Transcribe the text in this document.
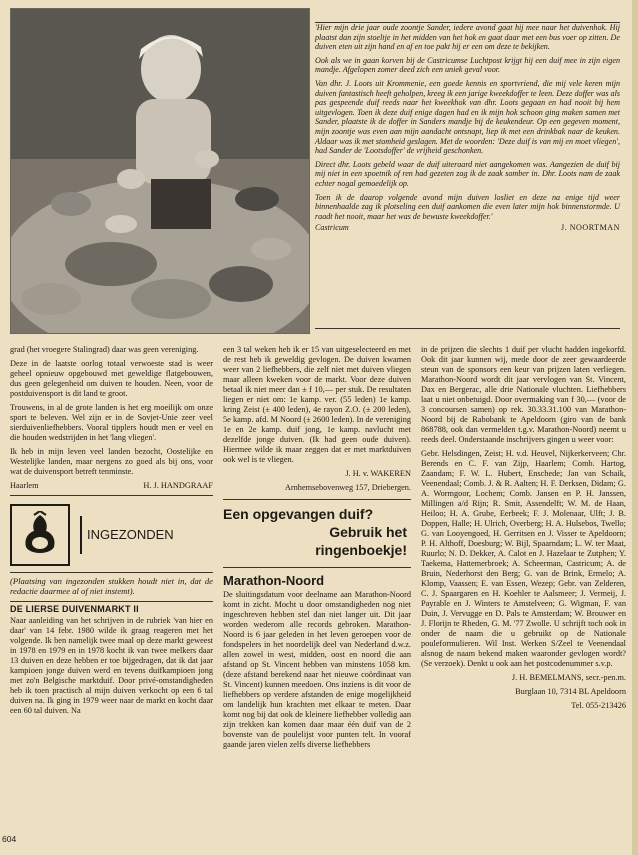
'Hier mijn drie jaar oude zoontje Sander, iedere avond gaat hij mee naar het duivenhok. Hij plaatst dan zijn stoeltje in het midden van het hok en gaat daar met een bus voer op zitten. De duiven eten uit zijn hand en af en toe pakt hij er een om deze te bekijken.

Ook als we in gaan korven bij de Castricumse Luchtpost krijgt hij een duif mee in zijn eigen mandje. Afgelopen zomer deed zich een uniek geval voor.

Van dhr. J. Loots uit Krommenie, een goede kennis en sportvriend, die mij vele keren mijn duiven fantastisch heeft geholpen, kreeg ik een jarige kweekdoffer te leen. Deze doffer was als pas gespeende duif reeds naar het kweekhok van dhr. Loots gegaan en had nooit bij hem uitgevlogen. Toen ik deze duif enige dagen had en ik mijn hok schoon ging maken samen met Sander, plaatste ik de doffer in Sanders mandje bij de keukendeur. Op een gegeven moment, mijn zoontje was even aan mijn aandacht ontsnapt, liep ik met een drinkbak naar de keuken. Aldaar was ik met stomheid geslagen. Met de woorden: 'Deze duif is van mij en moet vliegen', had Sander de 'Lootsdoffer' de vrijheid geschonken.

Direct dhr. Loots gebeld waar de duif uiteraard niet aangekomen was. Aangezien de duif bij mij niet in een spoetnik of ren had gezeten zag ik de zaak somber in. Dhr. Loots nam de zaak echter nogal gemoedelijk op.

Toen ik de daarop volgende avond mijn duiven losliet en deze na enige tijd weer binnenhaalde zag ik plotseling een duif aankomen die even later mijn hok binnenstormde. U raadt het nooit, maar het was de bewuste kweekdoffer.'

Castricum	J. NOORTMAN

grad (het vroegere Stalingrad) daar was geen vereniging.

Deze in de laatste oorlog totaal verwoeste stad is weer geheel opnieuw opgebouwd met geweldige flatgebouwen, dus geen gelegenheid om duiven te houden. Neen, voor de postduivensport is dit land te groot.

Trouwens, in al de grote landen is het erg moeilijk om onze sport te beleven. Wel zijn er in de Sovjet-Unie zeer veel sierduivenliefhebbers. Vooral tipplers houdt men er veel en die houden wedstrijden in het 'lang vliegen'.

Ik heb in mijn leven veel landen bezocht, Oostelijke en Westelijke landen, maar nergens zo goed als bij ons, voor wat de duivensport betreft tenminste.

Haarlem	H. J. HANDGRAAF
INGEZONDEN

(Plaatsing van ingezonden stukken houdt niet in, dat de redactie daarmee al of niet instemt).

DE LIERSE DUIVENMARKT II

Naar aanleiding van het schrijven in de rubriek 'van hier en daar' van 14 febr. 1980 wilde ik graag reageren met het volgende. Ik ben namelijk twee maal op deze markt geweest in 1978 en 1979 en in 1978 kocht ik van twee melkers daar 13 duiven en deze hebben er toe bijgedragen, dat ik dat jaar kampioen jonge duiven werd en tevens duifkampioen jong met zo'n Belgische marktduif. Door privé-omstandigheden heb ik toen practisch al mijn duiven verkocht op een 6 tal duiven na. Ik ging in 1979 weer naar de markt en kocht daar een 60 tal duiven. Na

een 3 tal weken heb ik er 15 van uitgeselecteerd en met de rest heb ik geweldig gevlogen. De duiven kwamen weer van 2 liefhebbers, die zelf niet met duiven vliegen maar alleen kweken voor de markt. Voor deze duiven betaal ik niet meer dan ± f 10,— per stuk. De resultaten liegen er niet om: 1e kamp. ver. (55 leden) 1e kamp. kring Zeist (± 400 leden), 4e rayon Z.O. (± 200 leden), 5e kamp. afd. M Noord (± 2600 leden). In de vereniging 1e en 2e kamp. duif jong, 1e kamp. navlucht met dezelfde jonge duiven. (Ik had geen oude duiven). Hiermee wilde ik maar zeggen dat er met marktduiven ook wel is te vliegen.

J. H. v. WAKEREN

Arnhemsebovenweg 157, Driebergen.

Een opgevangen duif?
Gebruik het
ringenboekje!
Marathon-Noord

De sluitingsdatum voor deelname aan Marathon-Noord komt in zicht. Mocht u door omstandigheden nog niet ingeschreven hebben stel dan niet langer uit. Dit jaar worden wederom alle records gebroken. Marathon-Noord is 6 jaar geleden in het leven geroepen voor de fondspelers in het noordelijk deel van Nederland d.w.z. allen zowel in west, midden, oost en noord die aan afstand op St. Vincent hebben van minstens 1058 km. (deze afstand berekend naar het nieuwe coördinaat van St. Vincent) kunnen meedoen. Ons inziens is dit voor de liefhebbers op verdere afstanden de enige mogelijkheid om landelijk hun krachten met elkaar te meten. Daar komt nog bij dat ook de kleinere liefhebber volledig aan zijn trekken kan komen daar maar één duif van de 2 bovenste van de poulelijst voor punten telt. In vooraf gaande jaren vielen zelfs diverse liefhebbers

in de prijzen die slechts 1 duif per vlucht hadden ingekorfd. Ook dit jaar kunnen wij, mede door de zeer gewaardeerde steun van de sponsors een keur van prijzen laten verliegen. Marathon-Noord wordt dit jaar vervlogen van St. Vincent, Dax en Bergerac, alle drie Nationale vluchten. Liefhebbers laat u niet onbetuigd. Door overmaking van f 30,— (voor de 3 concoursen samen) op rek. 30.33.31.100 van Marathon-Noord bij de Rabobank te Apeldoorn (giro van de bank 868788, ook dan vermelden t.g.v. Marathon-Noord) neemt u reeds deel. Onderstaande inschrijvers gingen u weer voor:

Gebr. Helsdingen, Zeist; H. v.d. Heuvel, Nijkerkerveen; Chr. Berends en C. F. van Zijp, Haarlem; Comb. Hartog, Zaandam; F. W. L. Hubert, Enschede; Jan van Schaik, Veenendaal; Comb. J. & R. Aalten; H. F. Derksen, Didam; G. A. Wormgoor, Lochem; Comb. Jansen en P. H. Janssen, Millingen a/d Rijn; R. Smit, Assendelft; W. M. de Haan, Heiloo; H. A. Grube, Eerbeek; F. J. Molenaar, Ulft; J. B. Doppen, Halle; H. Ulrich, Overberg; H. A. Hulsebos, Twello; G. van Looyengoed, H. Gerritsen en J. Visser te Apeldoorn; P. H. Althoff, Doesburg; W. Bijl, Spaarndam; L. W. ter Maat, Ruurlo; N. D. Dekker, A. Calot en J. Hazelaar te Zutphen; Y. Taekema, Hattemerbroek; A. Scheerman, Castricum; A. de Bruin, Nederhorst den Berg; G. van de Brink, Ermelo; A. Klomp, Vaassen; E. van Essen, Wezep; Gebr. van Zelderen, C. J. Spaargaren en H. Koehler te Aalsmeer; J. Vermeij, J. Payrable en J. Winters te Amstelveen; G. Wigman, F. van Duin, J. Vervugge en D. Pals te Amsterdam; W. Brouwer en J. Florijn te Rheden, G. M. '77 Zwolle. U schrijft toch ook in onder de naam die u gebruikt op de Nationale pouleformulieren. Wil Inst. Werken S/Zeel te Veenendaal alsnog de naam bekend maken waaronder gevlogen wordt? (Se verzoek). Denkt u ook aan het postcodenummer s.v.p.

J. H. BEMELMANS, secr.-pen.m.

Burglaan 10, 7314 BL Apeldoorn

Tel. 055-213426

604
